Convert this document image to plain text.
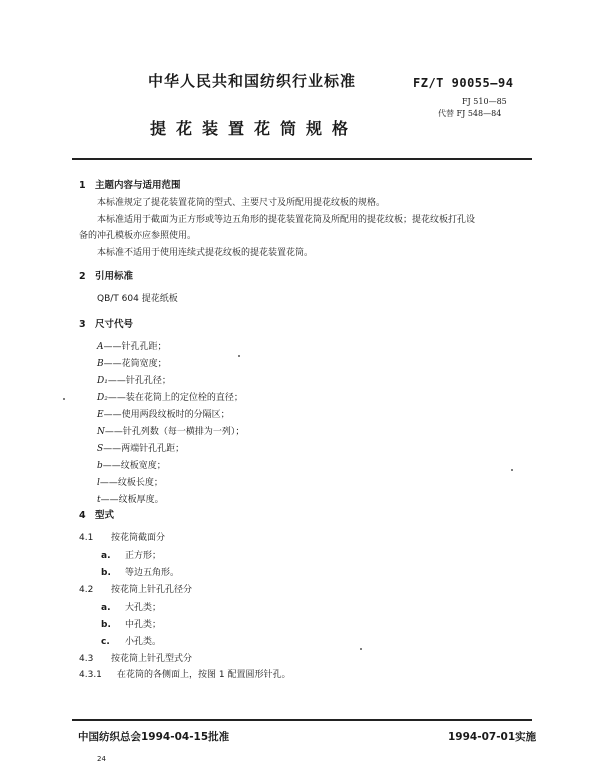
中华人民共和国纺织行业标准	FZ/T 90055—94
FJ 510—85
提花装置花筒规格
代替 FJ 548—84
1 主题内容与适用范围
本标准规定了提花装置花筒的型式、主要尺寸及所配用提花纹板的规格。
本标准适用于截面为正方形或等边五角形的提花装置花筒及所配用的提花纹板；提花纹板打孔设
备的冲孔模板亦应参照使用。
本标准不适用于使用连续式提花纹板的提花装置花筒。
2 引用标准
QB/T 604 提花纸板
3 尺寸代号
A——针孔孔距；
B——花筒宽度；
D₁——针孔孔径；
D₂——装在花筒上的定位栓的直径；
E——使用两段纹板时的分隔区；
N——针孔列数（每一横排为一列）；
S——两端针孔孔距；
b——纹板宽度；
l——纹板长度；
t——纹板厚度。
4 型式
4.1 按花筒截面分
a. 正方形；
b. 等边五角形。
4.2 按花筒上针孔孔径分
a. 大孔类；
b. 中孔类；
c. 小孔类。
4.3 按花筒上针孔型式分
4.3.1 在花筒的各侧面上，按图 1 配置圆形针孔。
中国纺织总会1994-04-15批准	1994-07-01实施
24
